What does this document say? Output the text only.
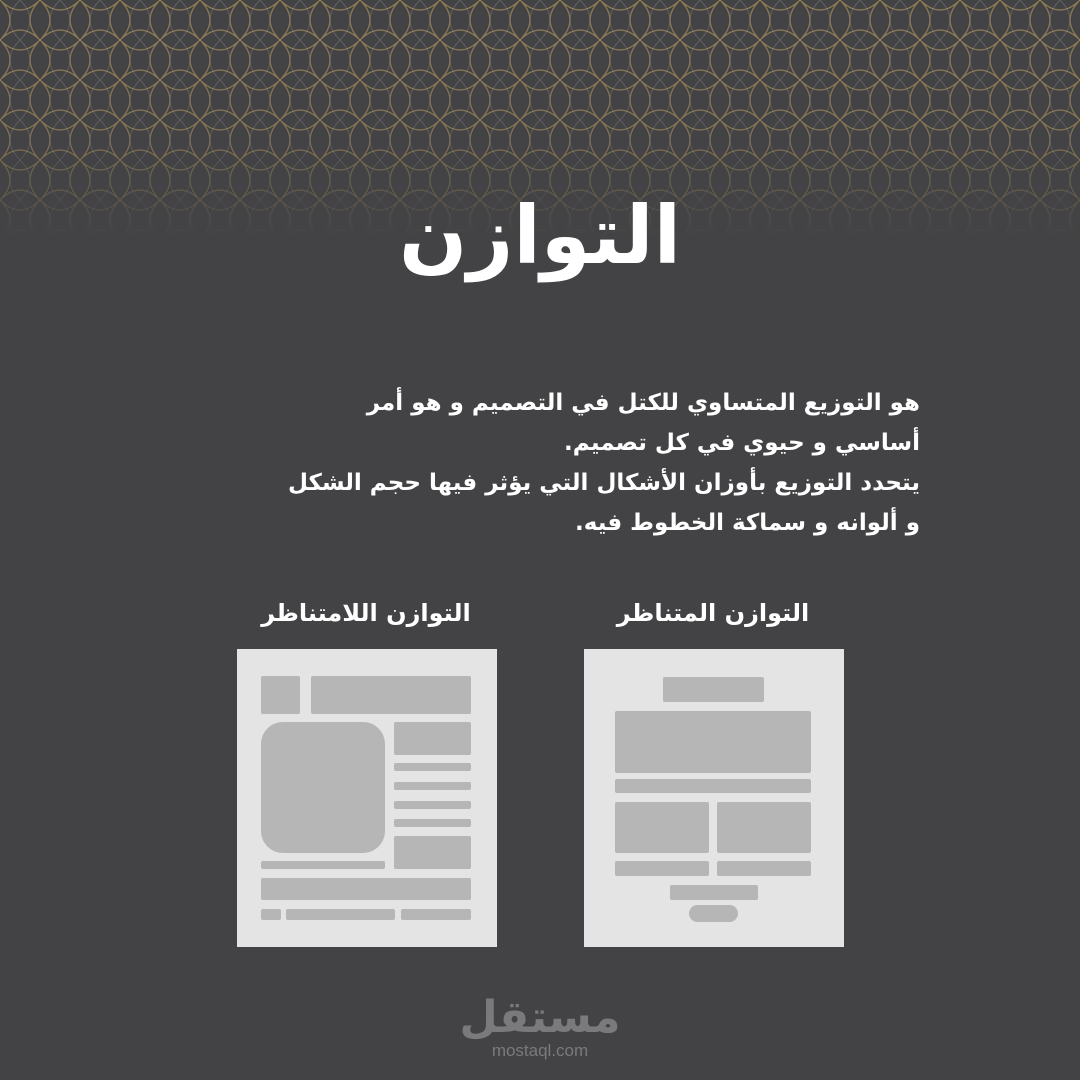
التوازن

هو التوزيع المتساوي للكتل في التصميم و هو أمر أساسي و حيوي في كل تصميم.

يتحدد التوزيع بأوزان الأشكال التي يؤثر فيها حجم الشكل و ألوانه و سماكة الخطوط فيه.

التوازن المتناظر
التوازن اللامتناظر
مستقل
mostaql.com
